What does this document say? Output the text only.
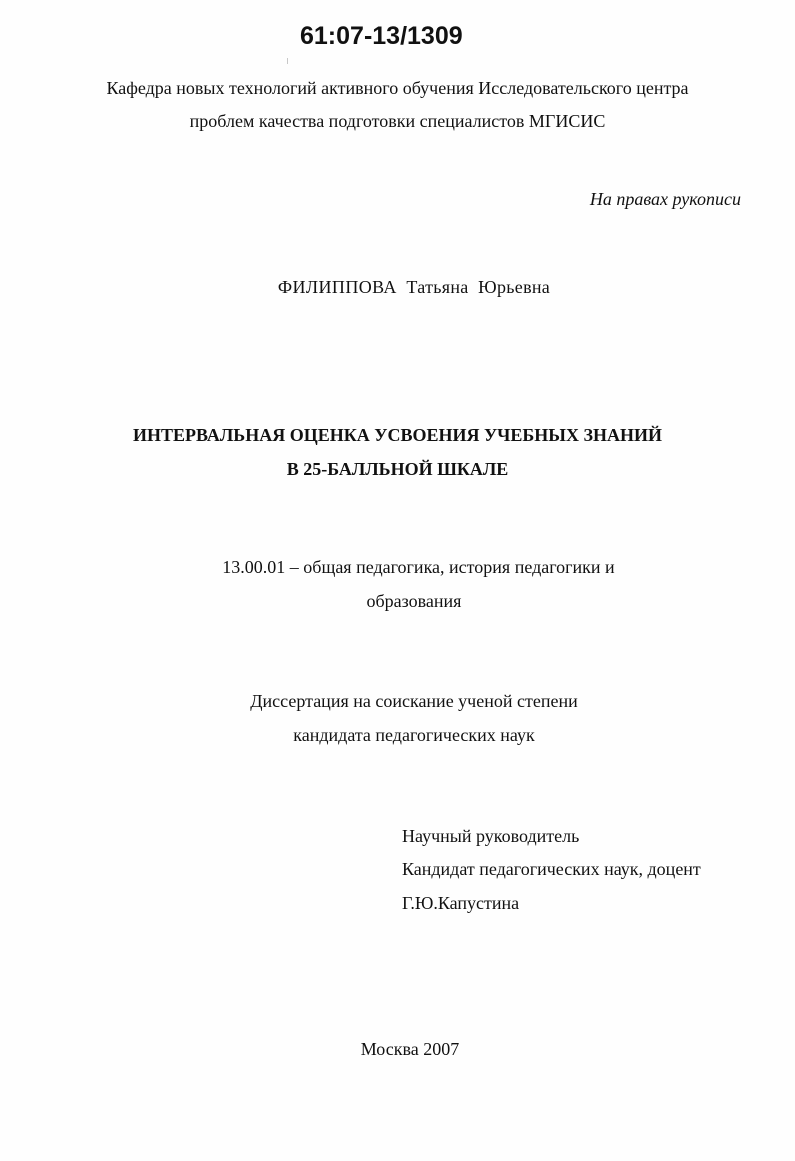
61:07-13/1309
Кафедра новых технологий активного обучения Исследовательского центра
проблем качества подготовки специалистов МГИСИС
На правах рукописи
ФИЛИППОВА Татьяна  Юрьевна
ИНТЕРВАЛЬНАЯ ОЦЕНКА УСВОЕНИЯ УЧЕБНЫХ ЗНАНИЙ
В 25-БАЛЛЬНОЙ ШКАЛЕ
13.00.01 – общая педагогика, история педагогики и
образования
Диссертация на соискание ученой степени
кандидата педагогических наук
Научный руководитель
Кандидат педагогических наук, доцент
Г.Ю.Капустина
Москва 2007
